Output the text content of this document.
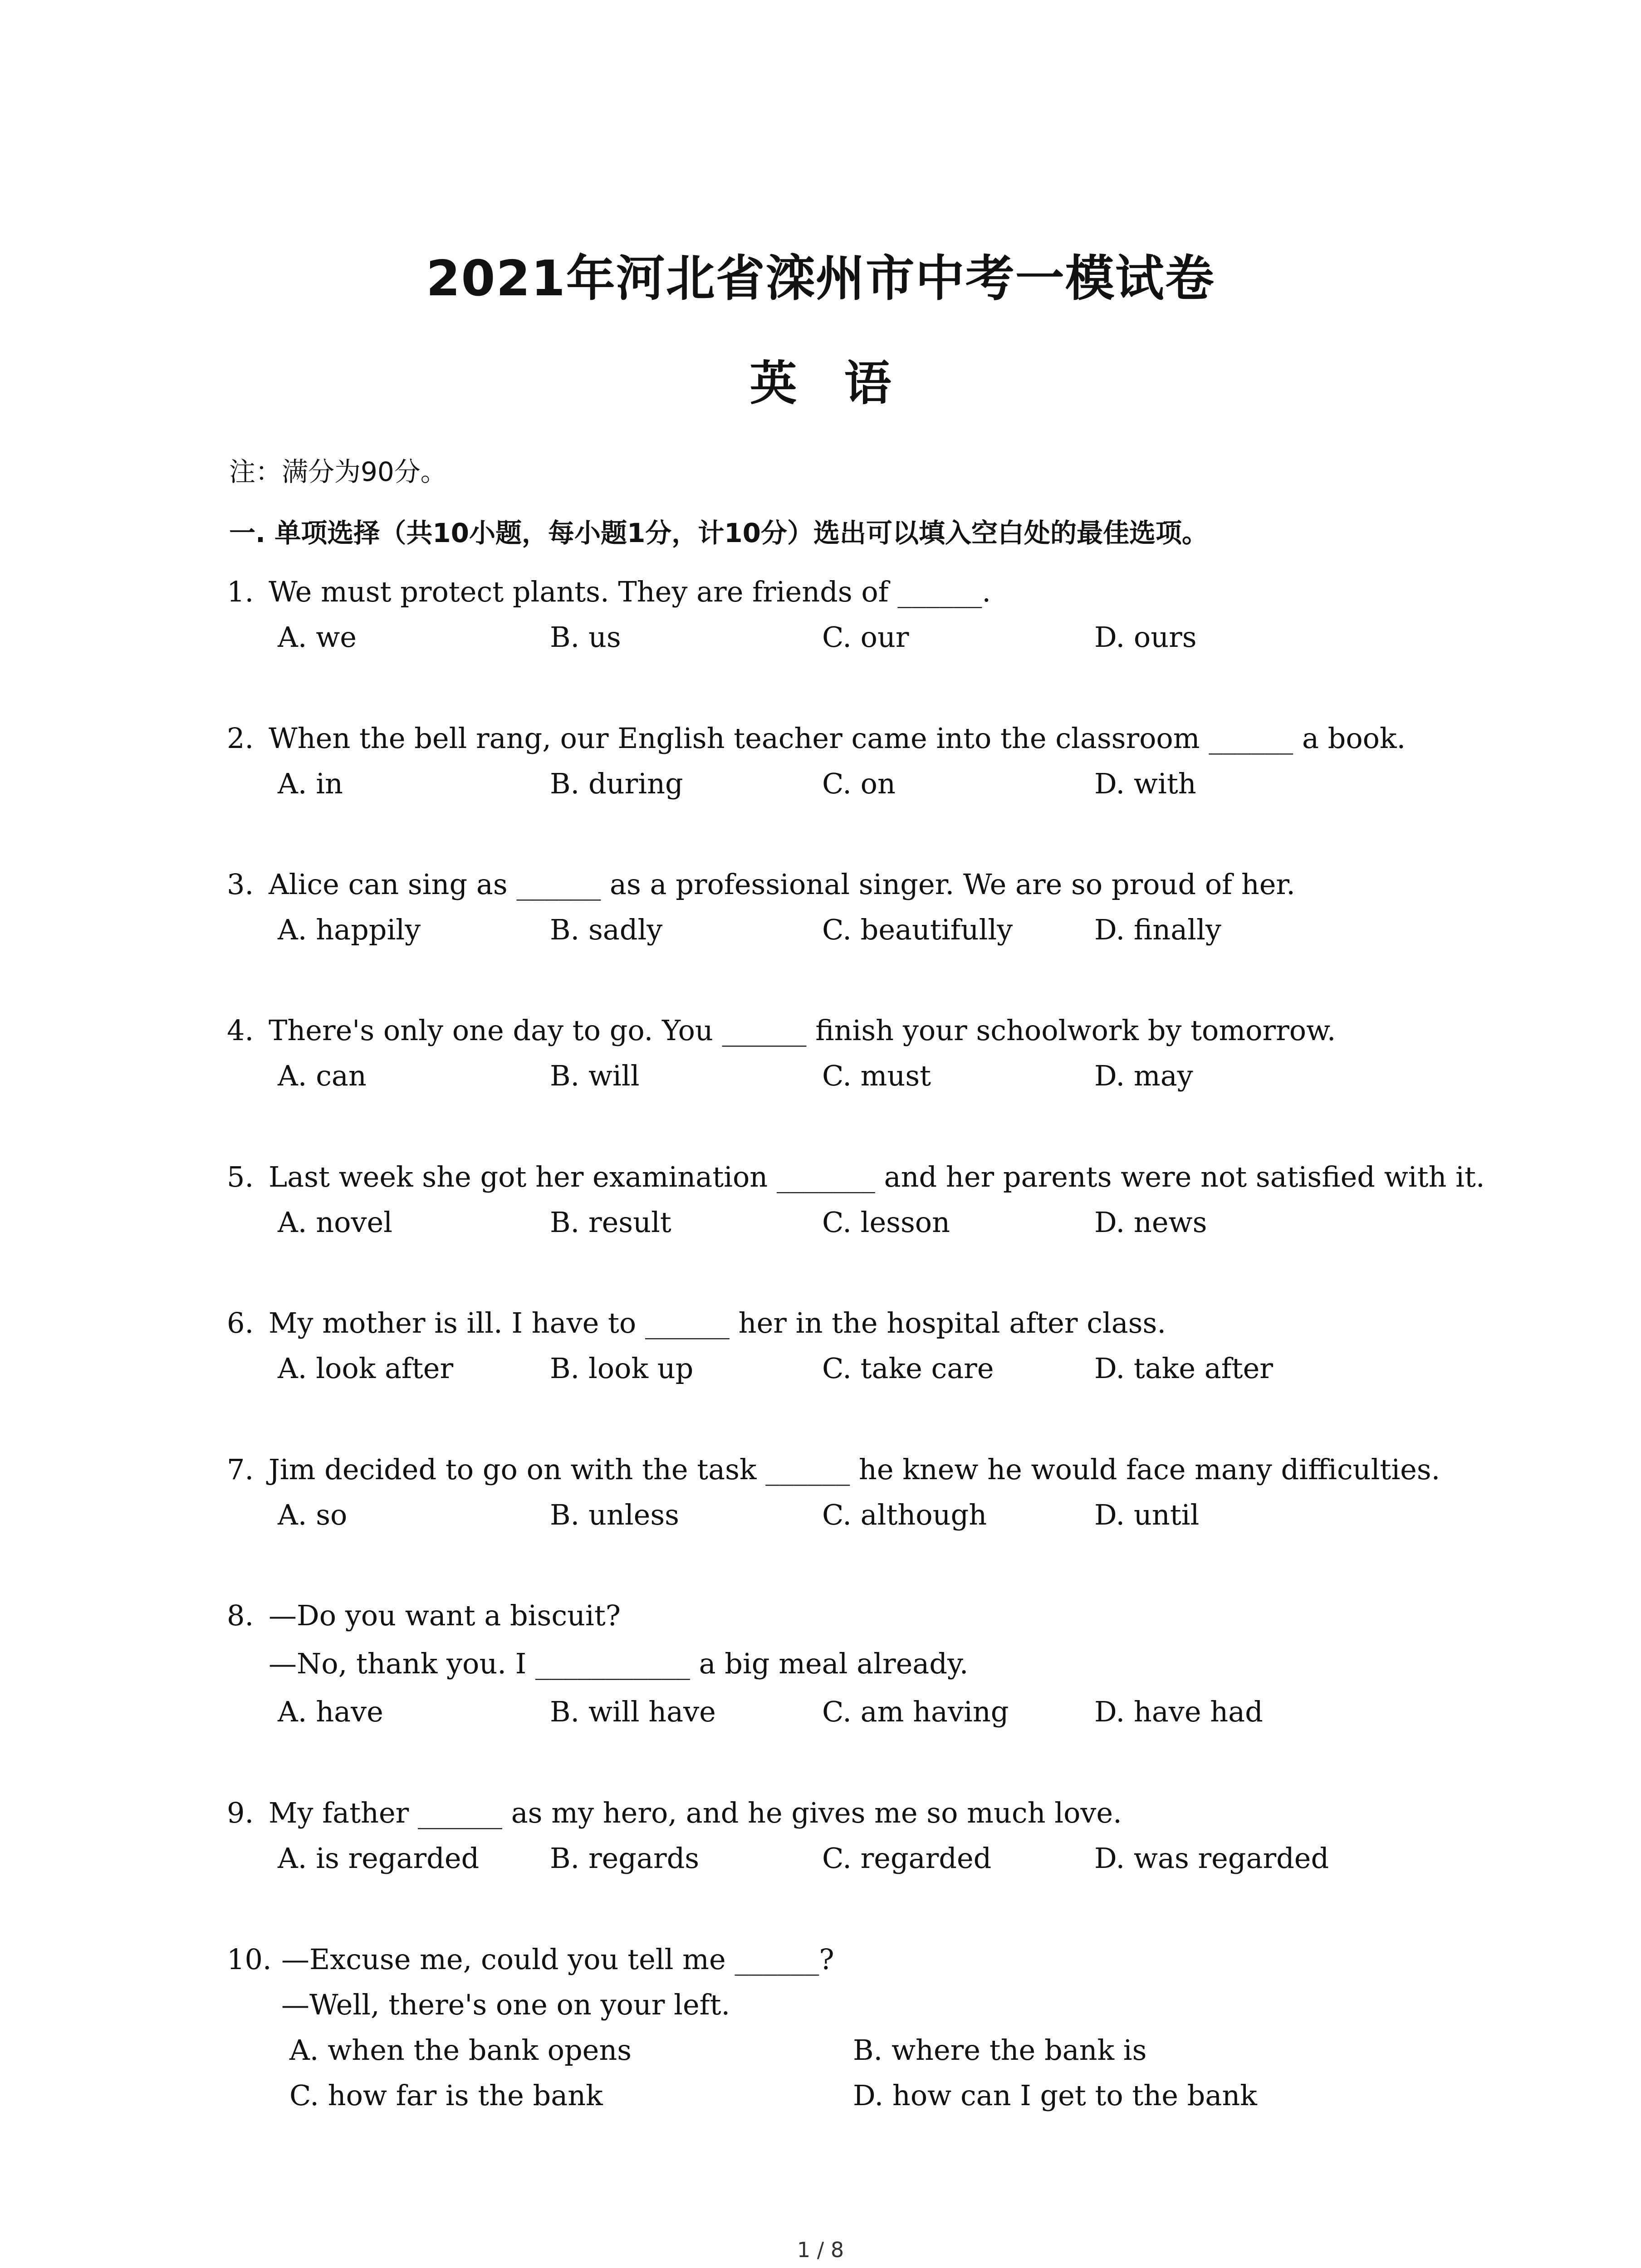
2021年河北省滦州市中考一模试卷
英 语
注：满分为90分。
一. 单项选择（共10小题，每小题1分，计10分）选出可以填入空白处的最佳选项。
1. We must protect plants. They are friends of ______.
A. we	B. us	C. our	D. ours
2. When the bell rang, our English teacher came into the classroom ______ a book.
A. in	B. during	C. on	D. with
3. Alice can sing as ______ as a professional singer. We are so proud of her.
A. happily	B. sadly	C. beautifully	D. finally
4. There's only one day to go. You ______ finish your schoolwork by tomorrow.
A. can	B. will	C. must	D. may
5. Last week she got her examination _______ and her parents were not satisfied with it.
A. novel	B. result	C. lesson	D. news
6. My mother is ill. I have to ______ her in the hospital after class.
A. look after	B. look up	C. take care	D. take after
7. Jim decided to go on with the task ______ he knew he would face many difficulties.
A. so	B. unless	C. although	D. until
8. —Do you want a biscuit?
—No, thank you. I ___________ a big meal already.
A. have	B. will have	C. am having	D. have had
9. My father ______ as my hero, and he gives me so much love.
A. is regarded	B. regards	C. regarded	D. was regarded
10. —Excuse me, could you tell me ______?
—Well, there's one on your left.
A. when the bank opens	B. where the bank is
C. how far is the bank	D. how can I get to the bank
1 / 8
